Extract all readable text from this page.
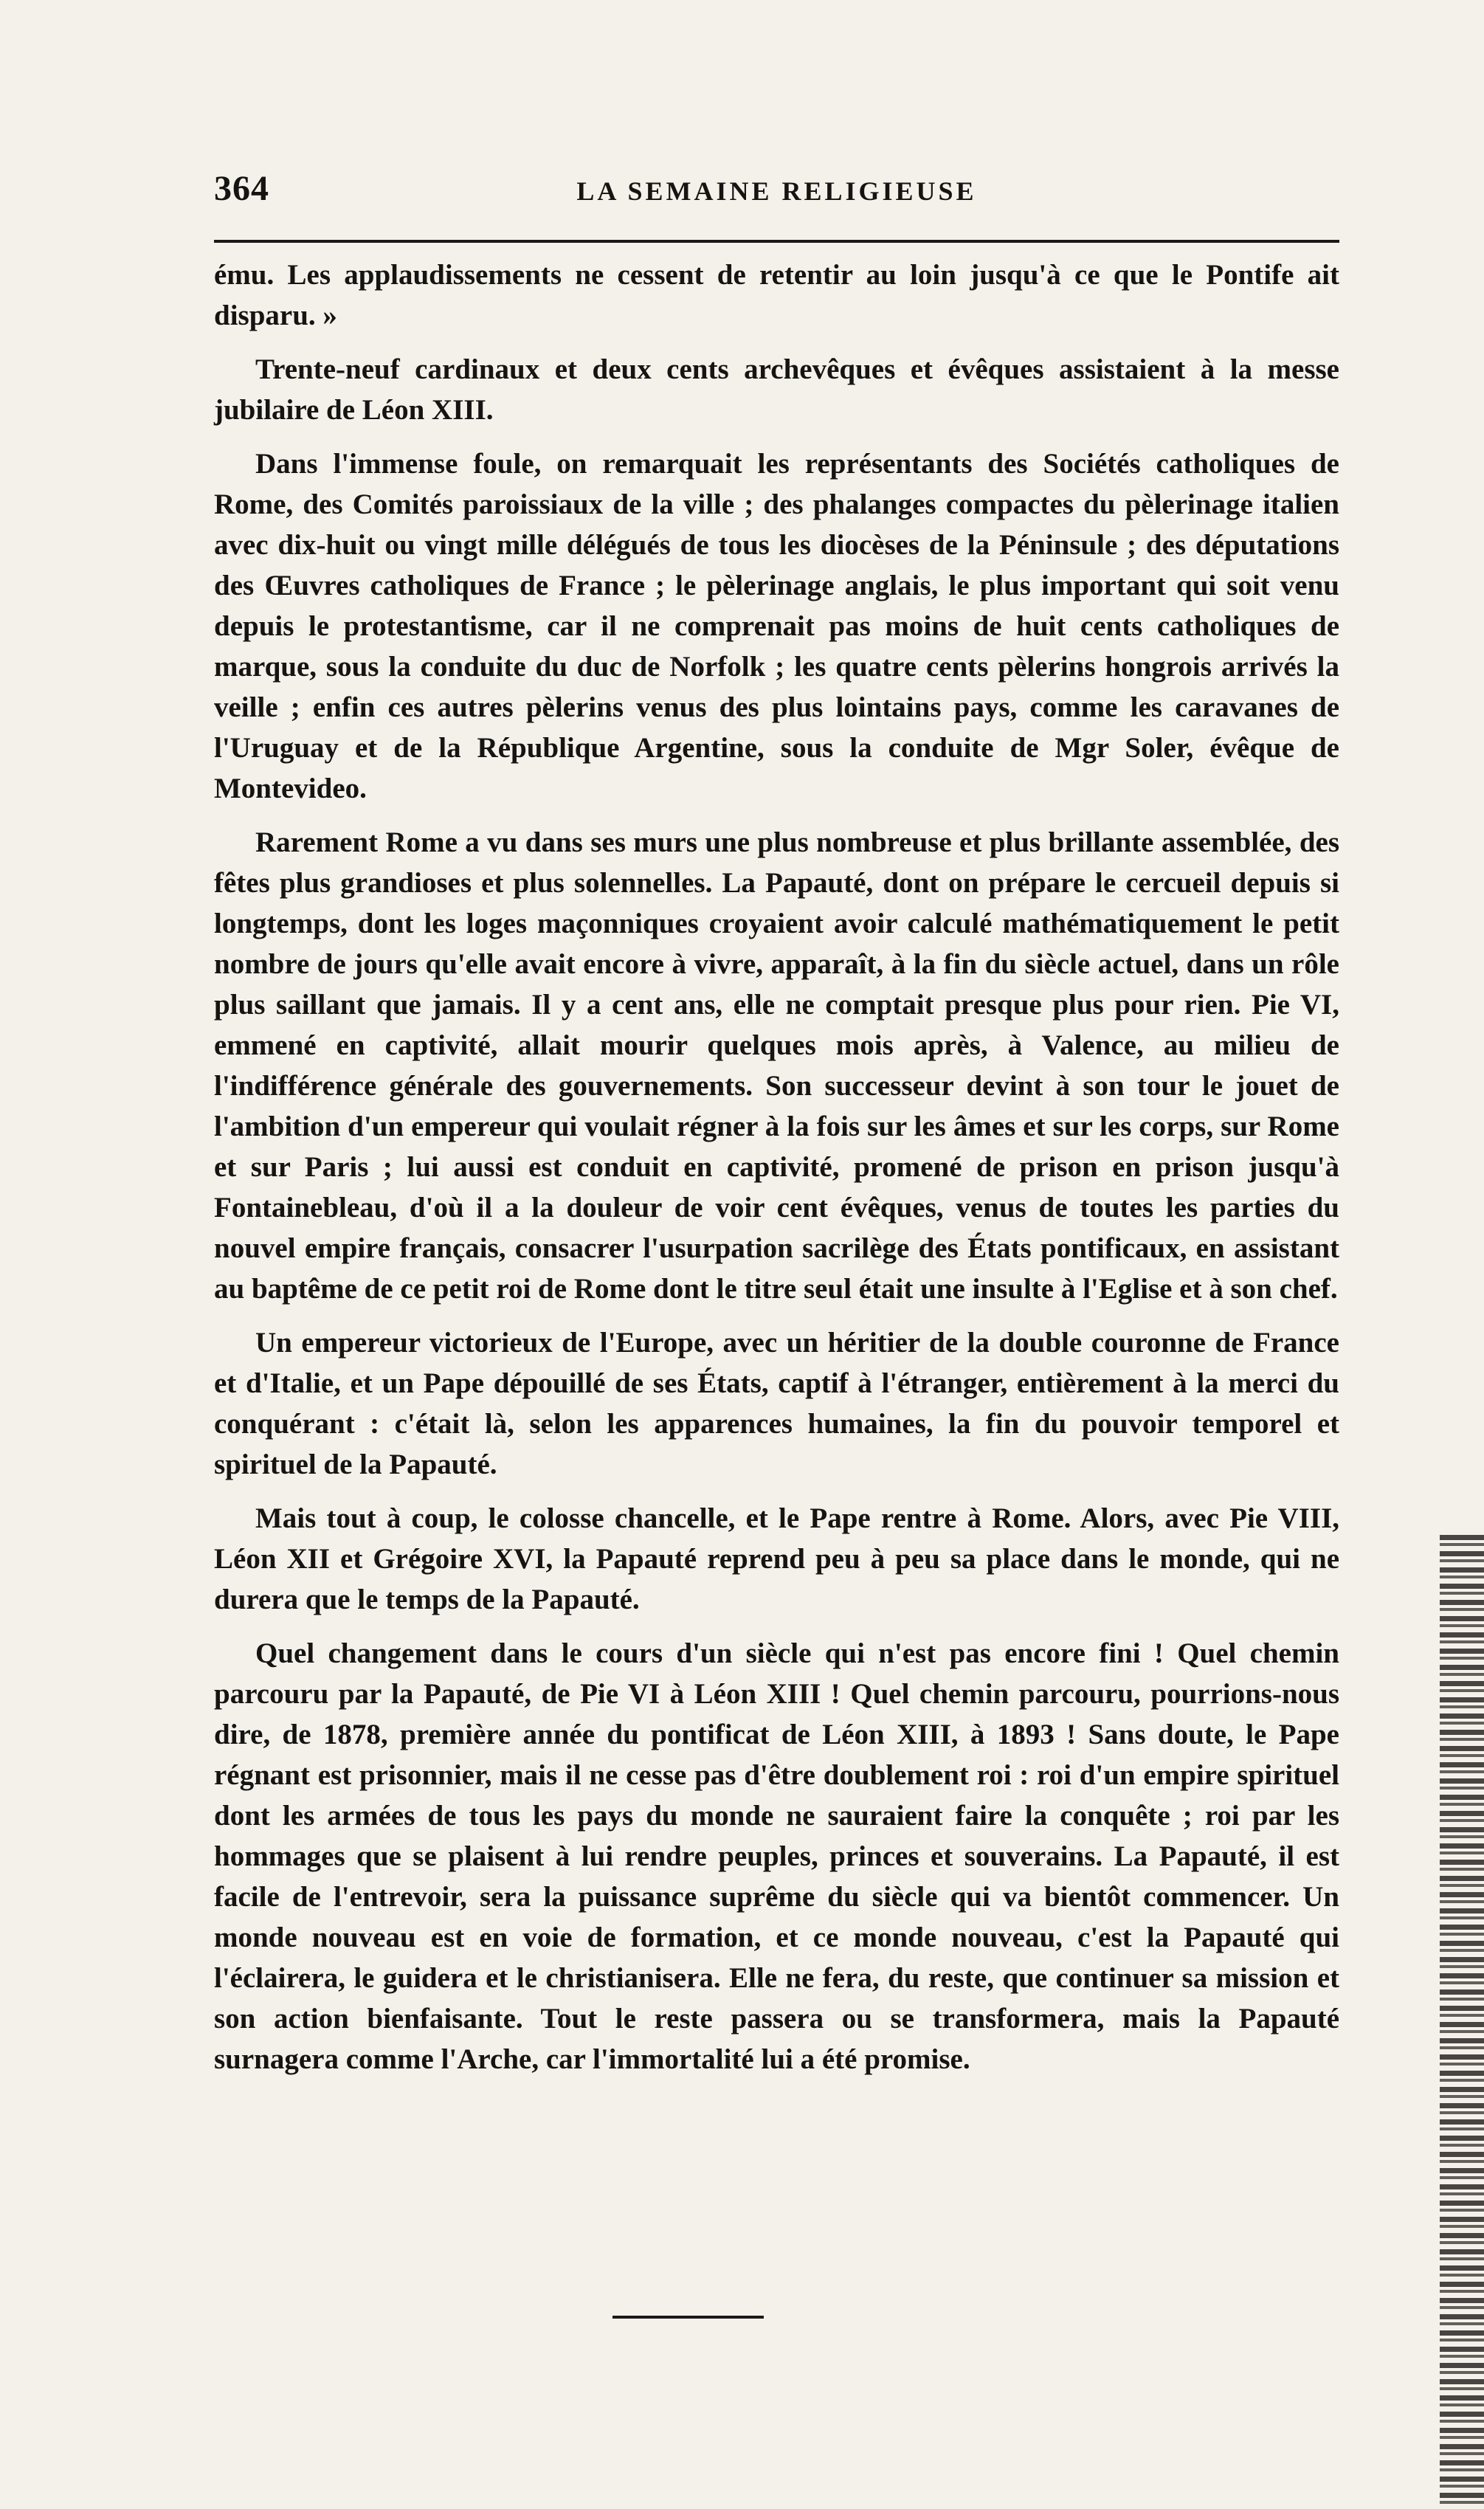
364	LA SEMAINE RELIGIEUSE

ému. Les applaudissements ne cessent de retentir au loin jusqu'à ce que le Pontife ait disparu. »

Trente-neuf cardinaux et deux cents archevêques et évêques assistaient à la messe jubilaire de Léon XIII.

Dans l'immense foule, on remarquait les représentants des Sociétés catholiques de Rome, des Comités paroissiaux de la ville ; des phalanges compactes du pèlerinage italien avec dix-huit ou vingt mille délégués de tous les diocèses de la Péninsule ; des députations des Œuvres catholiques de France ; le pèlerinage anglais, le plus important qui soit venu depuis le protestantisme, car il ne comprenait pas moins de huit cents catholiques de marque, sous la conduite du duc de Norfolk ; les quatre cents pèlerins hongrois arrivés la veille ; enfin ces autres pèlerins venus des plus lointains pays, comme les caravanes de l'Uruguay et de la République Argentine, sous la conduite de Mgr Soler, évêque de Montevideo.

Rarement Rome a vu dans ses murs une plus nombreuse et plus brillante assemblée, des fêtes plus grandioses et plus solennelles. La Papauté, dont on prépare le cercueil depuis si longtemps, dont les loges maçonniques croyaient avoir calculé mathématiquement le petit nombre de jours qu'elle avait encore à vivre, apparaît, à la fin du siècle actuel, dans un rôle plus saillant que jamais. Il y a cent ans, elle ne comptait presque plus pour rien. Pie VI, emmené en captivité, allait mourir quelques mois après, à Valence, au milieu de l'indifférence générale des gouvernements. Son successeur devint à son tour le jouet de l'ambition d'un empereur qui voulait régner à la fois sur les âmes et sur les corps, sur Rome et sur Paris ; lui aussi est conduit en captivité, promené de prison en prison jusqu'à Fontainebleau, d'où il a la douleur de voir cent évêques, venus de toutes les parties du nouvel empire français, consacrer l'usurpation sacrilège des États pontificaux, en assistant au baptême de ce petit roi de Rome dont le titre seul était une insulte à l'Eglise et à son chef.

Un empereur victorieux de l'Europe, avec un héritier de la double couronne de France et d'Italie, et un Pape dépouillé de ses États, captif à l'étranger, entièrement à la merci du conquérant : c'était là, selon les apparences humaines, la fin du pouvoir temporel et spirituel de la Papauté.

Mais tout à coup, le colosse chancelle, et le Pape rentre à Rome. Alors, avec Pie VIII, Léon XII et Grégoire XVI, la Papauté reprend peu à peu sa place dans le monde, qui ne durera que le temps de la Papauté.

Quel changement dans le cours d'un siècle qui n'est pas encore fini ! Quel chemin parcouru par la Papauté, de Pie VI à Léon XIII ! Quel chemin parcouru, pourrions-nous dire, de 1878, première année du pontificat de Léon XIII, à 1893 ! Sans doute, le Pape régnant est prisonnier, mais il ne cesse pas d'être doublement roi : roi d'un empire spirituel dont les armées de tous les pays du monde ne sauraient faire la conquête ; roi par les hommages que se plaisent à lui rendre peuples, princes et souverains. La Papauté, il est facile de l'entrevoir, sera la puissance suprême du siècle qui va bientôt commencer. Un monde nouveau est en voie de formation, et ce monde nouveau, c'est la Papauté qui l'éclairera, le guidera et le christianisera. Elle ne fera, du reste, que continuer sa mission et son action bienfaisante. Tout le reste passera ou se transformera, mais la Papauté surnagera comme l'Arche, car l'immortalité lui a été promise.
